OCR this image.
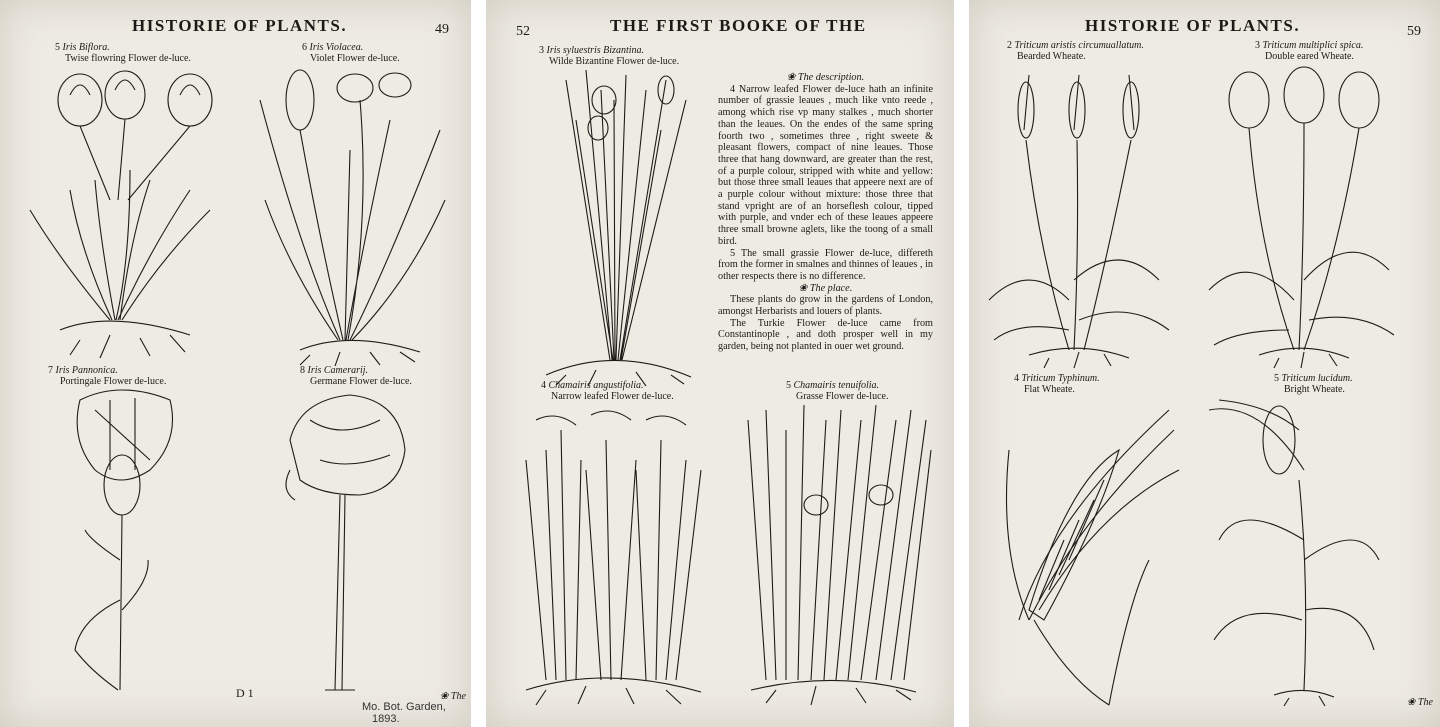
HISTORIE OF PLANTS.	49
5 Iris Biflora.
Twise flowring Flower de-luce.
6 Iris Violacea.
Violet Flower de-luce.
7 Iris Pannonica.
Portingale Flower de-luce.
8 Iris Camerarij.
Germane Flower de-luce.
D 1	❀ The
Mo. Bot. Garden,
1893.
52	THE FIRST BOOKE OF THE
3 Iris syluestris Bizantina.
Wilde Bizantine Flower de-luce.
❀ The description.

4 Narrow leafed Flower de-luce hath an infinite number of grassie leaues , much like vnto reede , among which rise vp many stalkes , much shorter than the leaues. On the endes of the same spring foorth two , sometimes three , right sweete & pleasant flowers, compact of nine leaues. Those three that hang downward, are greater than the rest, of a purple colour, stripped with white and yellow: but those three small leaues that appeere next are of a purple colour without mixture: those three that stand vpright are of an horseflesh colour, tipped with purple, and vnder ech of these leaues appeere three small browne aglets, like the toong of a small bird.

5 The small grassie Flower de-luce, differeth from the former in smalnes and thinnes of leaues , in other respects there is no difference.

❀ The place.

These plants do grow in the gardens of London, amongst Herbarists and louers of plants.

The Turkie Flower de-luce came from Constantinople , and doth prosper well in my garden, being not planted in ouer wet ground.

4 Chamairis angustifolia.
Narrow leafed Flower de-luce.
5 Chamairis tenuifolia.
Grasse Flower de-luce.
HISTORIE OF PLANTS.	59
2 Triticum aristis circumuallatum.
Bearded Wheate.
3 Triticum multiplici spica.
Double eared Wheate.
4 Triticum Typhinum.
Flat Wheate.
5 Triticum lucidum.
Bright Wheate.
❀ The
